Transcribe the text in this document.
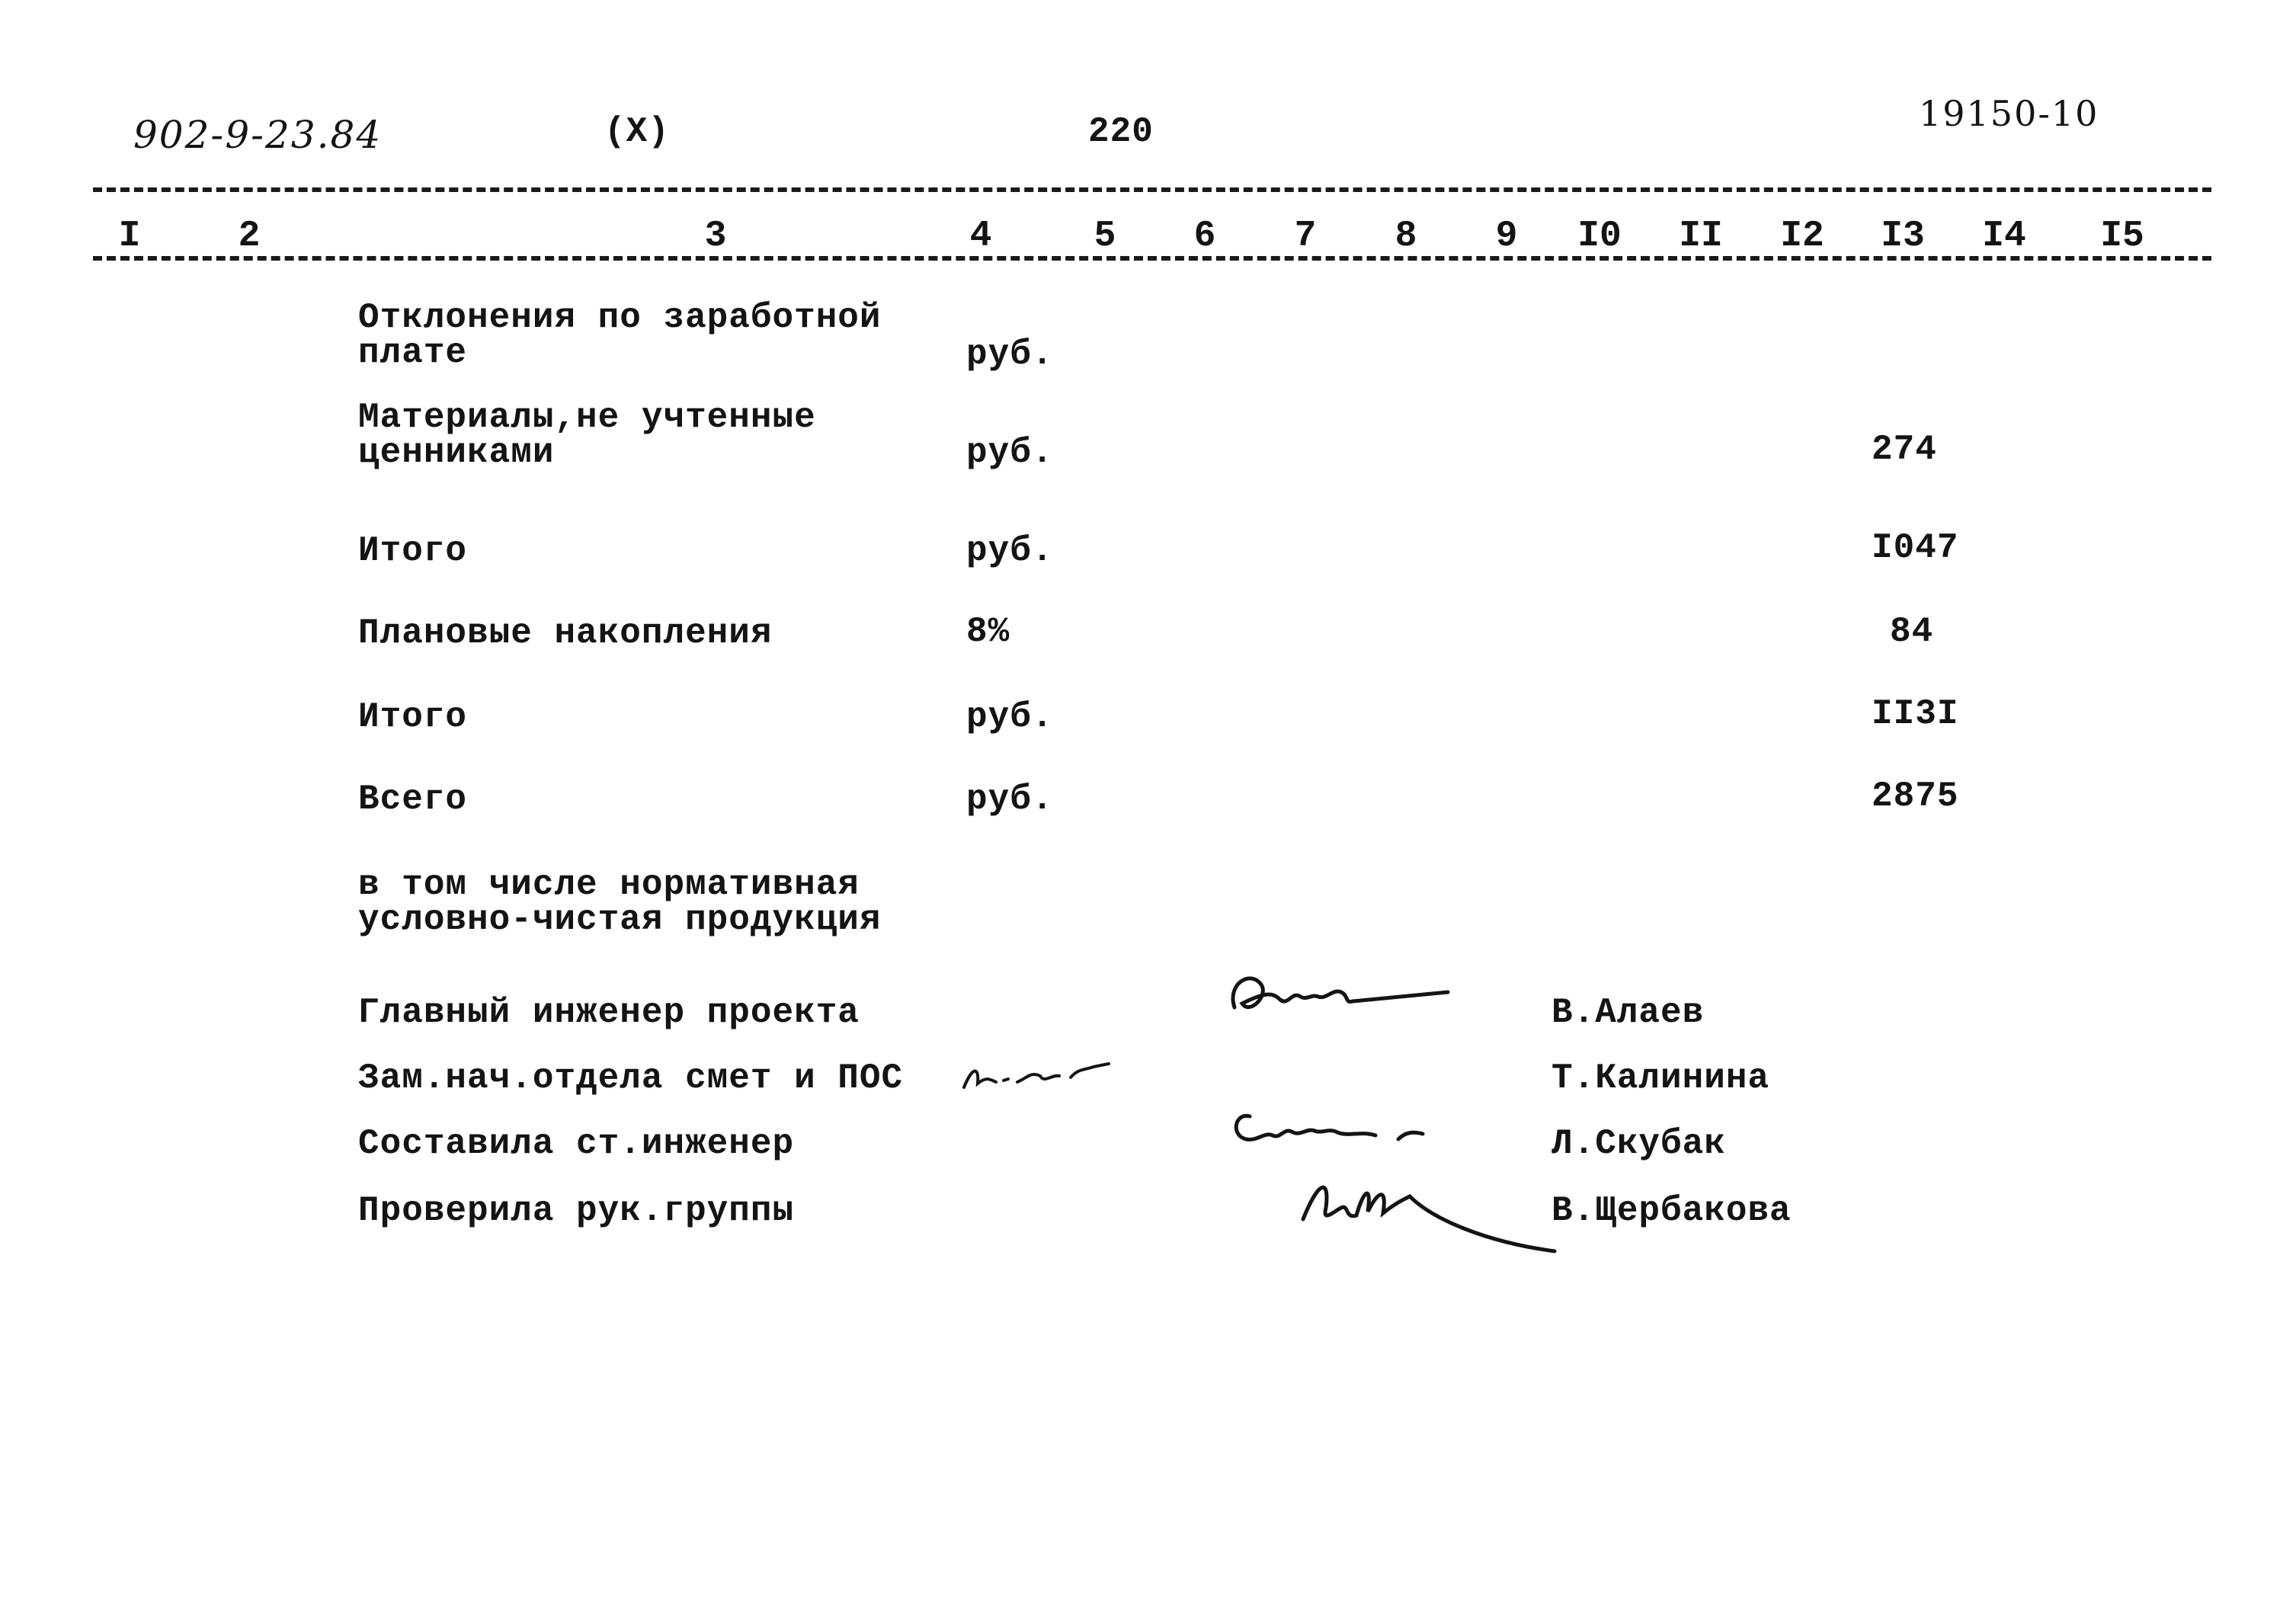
902-9-23.84	(X)	220	19150-10
I	2	3	4	5 6 7 8 9 I0 II I2 I3 I4 I5
Отклонения по заработной
плате	руб.
Материалы,не учтенные
ценниками	руб.	274
Итого	руб.	I047
Плановые накопления	8%	84
Итого	руб.	II3I
Всего	руб.	2875
в том числе нормативная
условно-чистая продукция
Главный инженер проекта	В.Алаев
Зам.нач.отдела смет и ПОС	Т.Калинина
Составила ст.инженер	Л.Скубак
Проверила рук.группы	В.Щербакова
